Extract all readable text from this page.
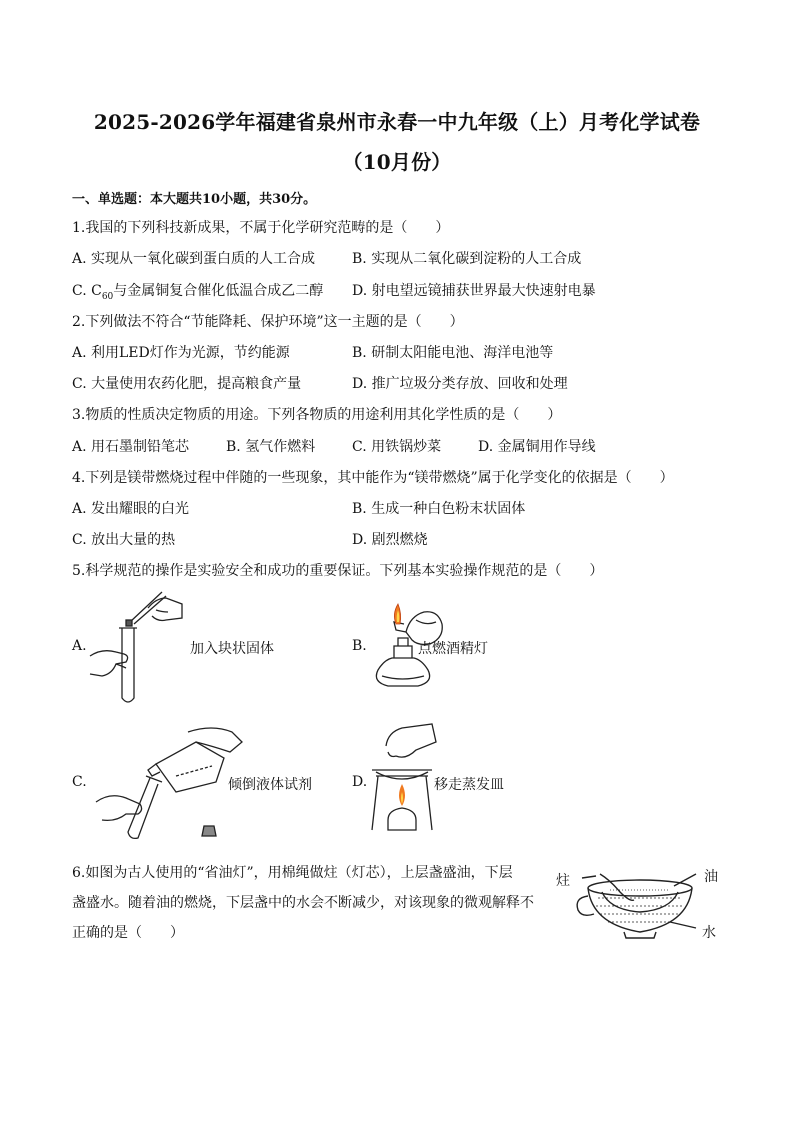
2025-2026学年福建省泉州市永春一中九年级（上）月考化学试卷
（10月份）
一、单选题：本大题共10小题，共30分。
1.我国的下列科技新成果，不属于化学研究范畴的是（　　）
A. 实现从一氧化碳到蛋白质的人工合成	B. 实现从二氧化碳到淀粉的人工合成
C. $C_{60}$与金属铜复合催化低温合成乙二醇 D. 射电望远镜捕获世界最大快速射电暴
2.下列做法不符合“节能降耗、保护环境”这一主题的是（　　）
A. 利用LED灯作为光源，节约能源	B. 研制太阳能电池、海洋电池等
C. 大量使用农药化肥，提高粮食产量	D. 推广垃圾分类存放、回收和处理
3.物质的性质决定物质的用途。下列各物质的用途利用其化学性质的是（　　）
A. 用石墨制铅笔芯	B. 氢气作燃料	C. 用铁锅炒菜	D. 金属铜用作导线
4.下列是镁带燃烧过程中伴随的一些现象，其中能作为“镁带燃烧”属于化学变化的依据是（　　）
A. 发出耀眼的白光	B. 生成一种白色粉末状固体
C. 放出大量的热	D. 剧烈燃烧
5.科学规范的操作是实验安全和成功的重要保证。下列基本实验操作规范的是（　　）
A.	加入块状固体	B.	点燃酒精灯
C.	倾倒液体试剂	D.	移走蒸发皿
6.如图为古人使用的“省油灯”，用棉绳做炷（灯芯），上层盏盛油，下层
盏盛水。随着油的燃烧，下层盏中的水会不断减少，对该现象的微观解释不
正确的是（　　）
炷	油
水
